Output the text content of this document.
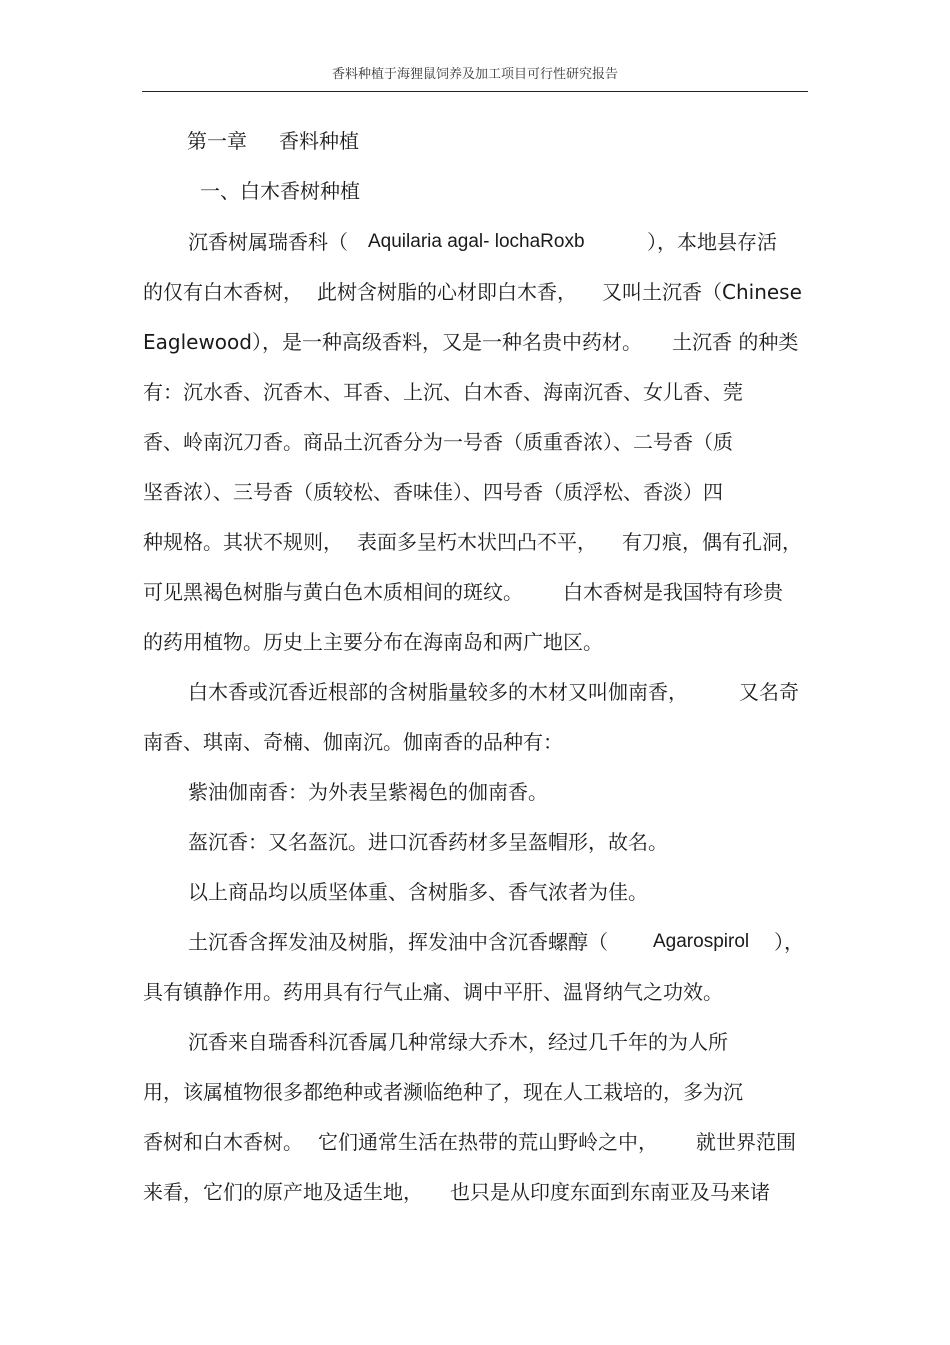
香料种植于海狸鼠饲养及加工项目可行性研究报告
第一章 香料种植
一、白木香树种植
沉香树属瑞香科（ Aquilaria agal- lochaRoxb	），本地县存活
的仅有白木香树， 此树含树脂的心材即白木香， 又叫土沉香（Chinese
Eaglewood），是一种高级香料，又是一种名贵中药材。 土沉香 的种类
有：沉水香、沉香木、耳香、上沉、白木香、海南沉香、女儿香、莞
香、岭南沉刀香。商品土沉香分为一号香（质重香浓）、二号香（质
坚香浓）、三号香（质较松、香味佳）、四号香（质浮松、香淡）四
种规格。其状不规则， 表面多呈朽木状凹凸不平， 有刀痕，偶有孔洞，
可见黑褐色树脂与黄白色木质相间的斑纹。 白木香树是我国特有珍贵
的药用植物。历史上主要分布在海南岛和两广地区。
白木香或沉香近根部的含树脂量较多的木材又叫伽南香，	又名奇
南香、琪南、奇楠、伽南沉。伽南香的品种有：
紫油伽南香：为外表呈紫褐色的伽南香。
盔沉香：又名盔沉。进口沉香药材多呈盔帽形，故名。
以上商品均以质坚体重、含树脂多、香气浓者为佳。
土沉香含挥发油及树脂，挥发油中含沉香螺醇（ Agarospirol ），
具有镇静作用。药用具有行气止痛、调中平肝、温肾纳气之功效。
沉香来自瑞香科沉香属几种常绿大乔木，经过几千年的为人所
用，该属植物很多都绝种或者濒临绝种了，现在人工栽培的，多为沉
香树和白木香树。 它们通常生活在热带的荒山野岭之中， 就世界范围
来看，它们的原产地及适生地， 也只是从印度东面到东南亚及马来诸
